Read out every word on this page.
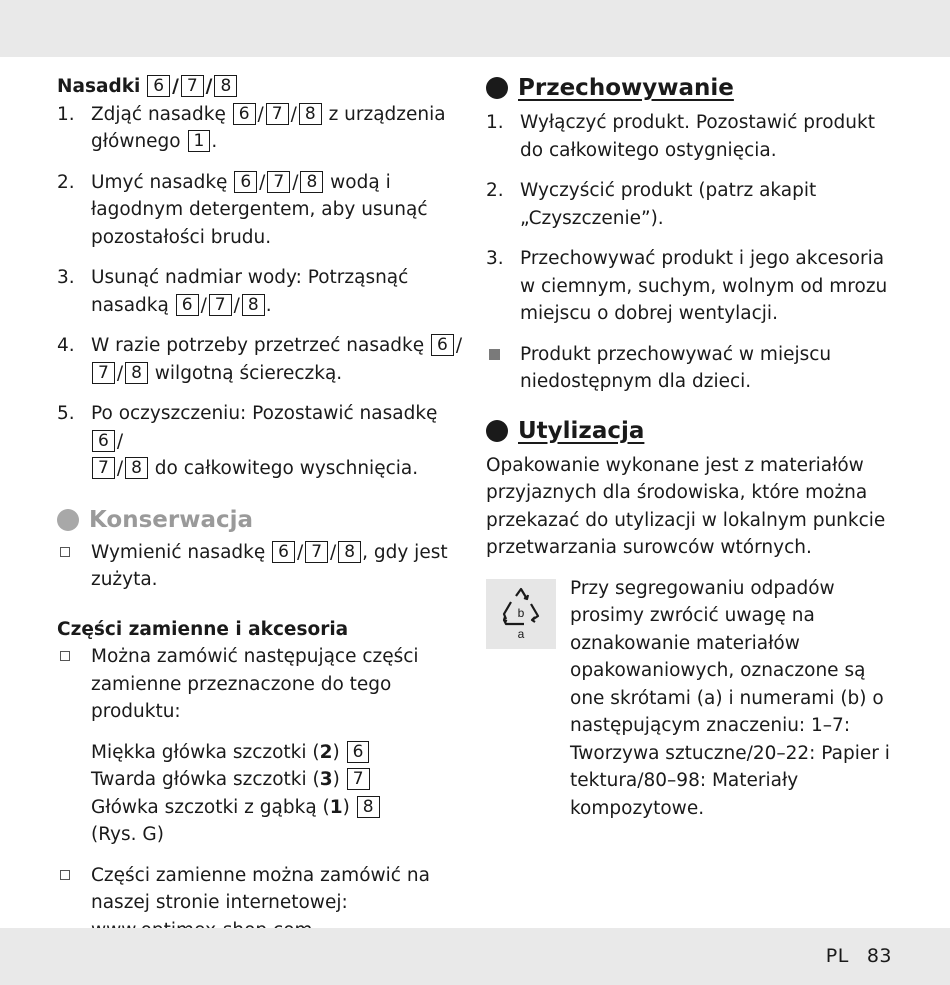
Nasadki 6 / 7 / 8
1. Zdjąć nasadkę 6 / 7 / 8 z urządzenia głównego 1 .
2. Umyć nasadkę 6 / 7 / 8 wodą i łagodnym detergentem, aby usunąć pozostałości brudu.
3. Usunąć nadmiar wody: Potrząsnąć nasadką 6 / 7 / 8 .
4. W razie potrzeby przetrzeć nasadkę 6 /
7 / 8 wilgotną ściereczką.
5. Po oczyszczeniu: Pozostawić nasadkę 6 /
7 / 8 do całkowitego wyschnięcia.
Konserwacja
Wymienić nasadkę 6 / 7 / 8 , gdy jest zużyta.
Części zamienne i akcesoria
Można zamówić następujące części zamienne przeznaczone do tego produktu:
Miękka główka szczotki (2) 6
Twarda główka szczotki (3) 7
Główka szczotki z gąbką (1) 8
(Rys. G)
Części zamienne można zamówić na naszej stronie internetowej:

Przechowywanie
1. Wyłączyć produkt. Pozostawić produkt do całkowitego ostygnięcia.
2. Wyczyścić produkt (patrz akapit „Czyszczenie”).
3. Przechowywać produkt i jego akcesoria w ciemnym, suchym, wolnym od mrozu miejscu o dobrej wentylacji.
Produkt przechowywać w miejscu niedostępnym dla dzieci.
Utylizacja
Opakowanie wykonane jest z materiałów przyjaznych dla środowiska, które można przekazać do utylizacji w lokalnym punkcie przetwarzania surowców wtórnych.
b
a
Przy segregowaniu odpadów prosimy zwrócić uwagę na oznakowanie materiałów opakowaniowych, oznaczone są one skrótami (a) i numerami (b) o następującym znaczeniu: 1–7: Tworzywa sztuczne/20–22: Papier i tektura/80–98: Materiały kompozytowe.
PL 83
